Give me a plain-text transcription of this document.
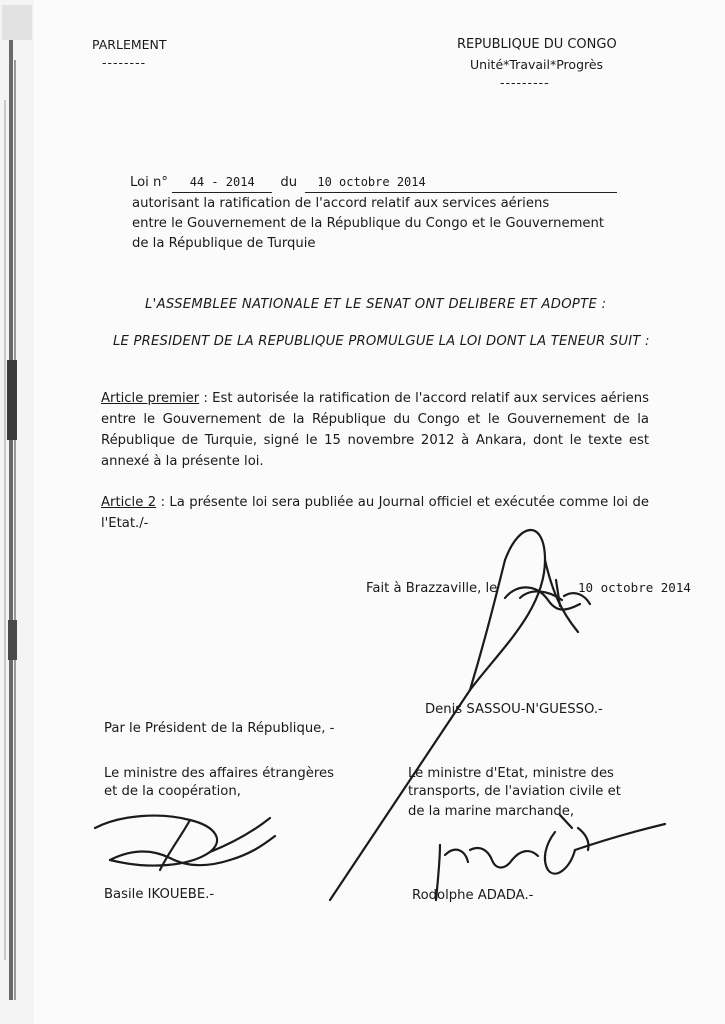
PARLEMENT
--------
REPUBLIQUE DU CONGO
Unité*Travail*Progrès
---------
Loi n° 44 - 2014 du 10 octobre 2014
autorisant la ratification de l'accord relatif aux services aériens
entre le Gouvernement de la République du Congo et le Gouvernement
de la République de Turquie
L'ASSEMBLEE NATIONALE ET LE SENAT ONT DELIBERE ET ADOPTE :
LE PRESIDENT DE LA REPUBLIQUE PROMULGUE LA LOI DONT LA TENEUR SUIT :
Article premier : Est autorisée la ratification de l'accord relatif aux services aériens entre le Gouvernement de la République du Congo et le Gouvernement de la République de Turquie, signé le 15 novembre 2012 à Ankara, dont le texte est annexé à la présente loi.
Article 2 : La présente loi sera publiée au Journal officiel et exécutée comme loi de l'Etat./-
Fait à Brazzaville, le	10 octobre 2014
Denis SASSOU-N'GUESSO.-
Par le Président de la République, -
Le ministre des affaires étrangères
et de la coopération,
Basile IKOUEBE.-
Le ministre d'Etat, ministre des
transports, de l'aviation civile et
de la marine marchande,
Rodolphe ADADA.-
